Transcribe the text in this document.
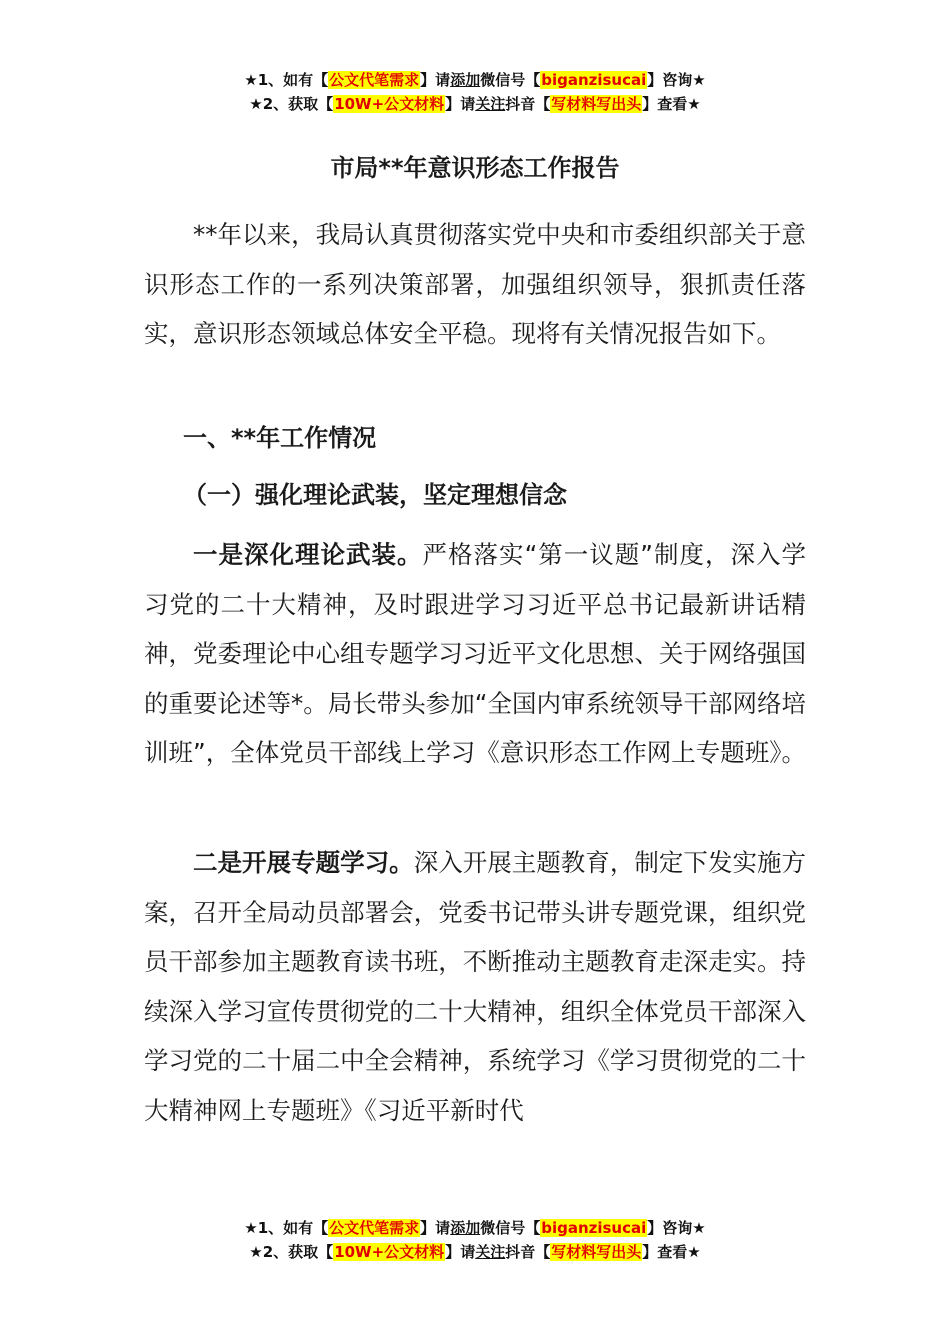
★1、如有【公文代笔需求】请添加微信号【biganzisucai】咨询★
★2、获取【10W+公文材料】请关注抖音【写材料写出头】查看★
市局**年意识形态工作报告

**年以来，我局认真贯彻落实党中央和市委组织部关于意识形态工作的一系列决策部署，加强组织领导，狠抓责任落实，意识形态领域总体安全平稳。现将有关情况报告如下。

一、**年工作情况

（一）强化理论武装，坚定理想信念

一是深化理论武装。严格落实“第一议题”制度，深入学习党的二十大精神，及时跟进学习习近平总书记最新讲话精神，党委理论中心组专题学习习近平文化思想、关于网络强国的重要论述等*。局长带头参加“全国内审系统领导干部网络培训班”，全体党员干部线上学习《意识形态工作网上专题班》。

二是开展专题学习。深入开展主题教育，制定下发实施方案，召开全局动员部署会，党委书记带头讲专题党课，组织党员干部参加主题教育读书班，不断推动主题教育走深走实。持续深入学习宣传贯彻党的二十大精神，组织全体党员干部深入学习党的二十届二中全会精神，系统学习《学习贯彻党的二十大精神网上专题班》《习近平新时代

★1、如有【公文代笔需求】请添加微信号【biganzisucai】咨询★
★2、获取【10W+公文材料】请关注抖音【写材料写出头】查看★
